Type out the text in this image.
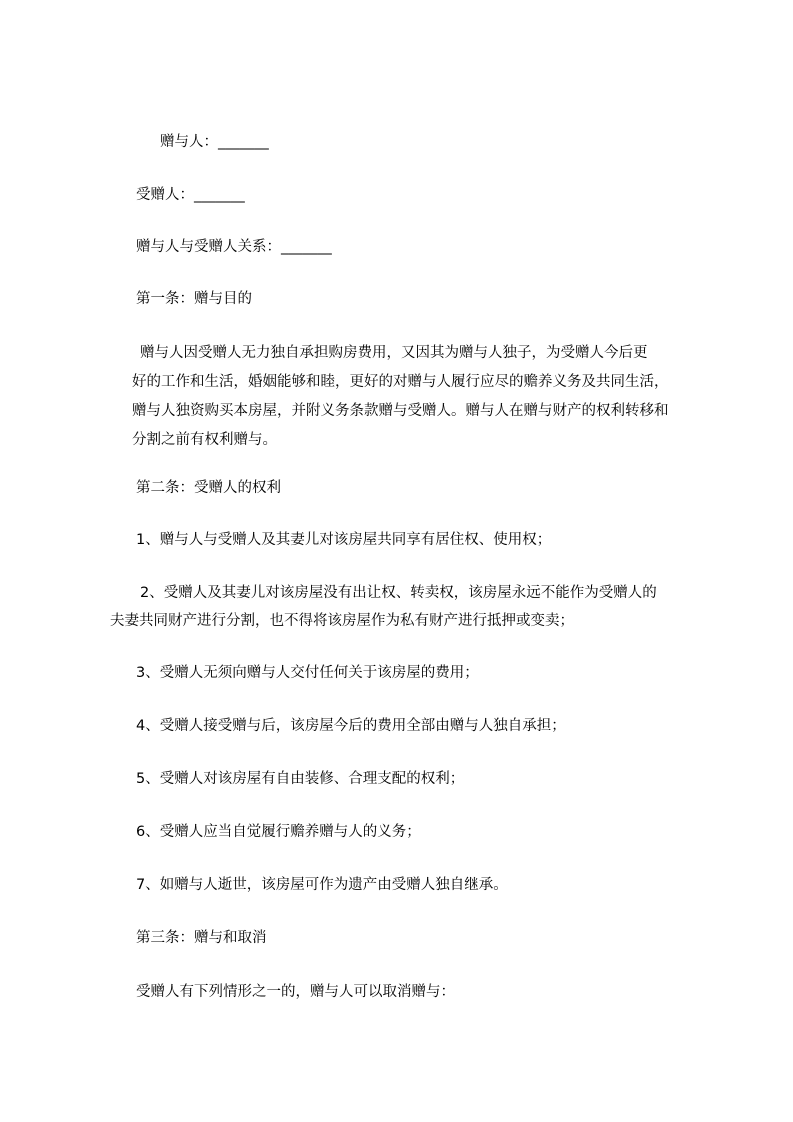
赠与人：_______
受赠人：_______
赠与人与受赠人关系：_______
第一条：赠与目的
赠与人因受赠人无力独自承担购房费用，又因其为赠与人独子，为受赠人今后更
好的工作和生活，婚姻能够和睦，更好的对赠与人履行应尽的赡养义务及共同生活，
赠与人独资购买本房屋，并附义务条款赠与受赠人。赠与人在赠与财产的权利转移和
分割之前有权利赠与。
第二条：受赠人的权利
1、赠与人与受赠人及其妻儿对该房屋共同享有居住权、使用权；
2、受赠人及其妻儿对该房屋没有出让权、转卖权，该房屋永远不能作为受赠人的
夫妻共同财产进行分割，也不得将该房屋作为私有财产进行抵押或变卖；
3、受赠人无须向赠与人交付任何关于该房屋的费用；
4、受赠人接受赠与后，该房屋今后的费用全部由赠与人独自承担；
5、受赠人对该房屋有自由装修、合理支配的权利；
6、受赠人应当自觉履行赡养赠与人的义务；
7、如赠与人逝世，该房屋可作为遗产由受赠人独自继承。
第三条：赠与和取消
受赠人有下列情形之一的，赠与人可以取消赠与：
